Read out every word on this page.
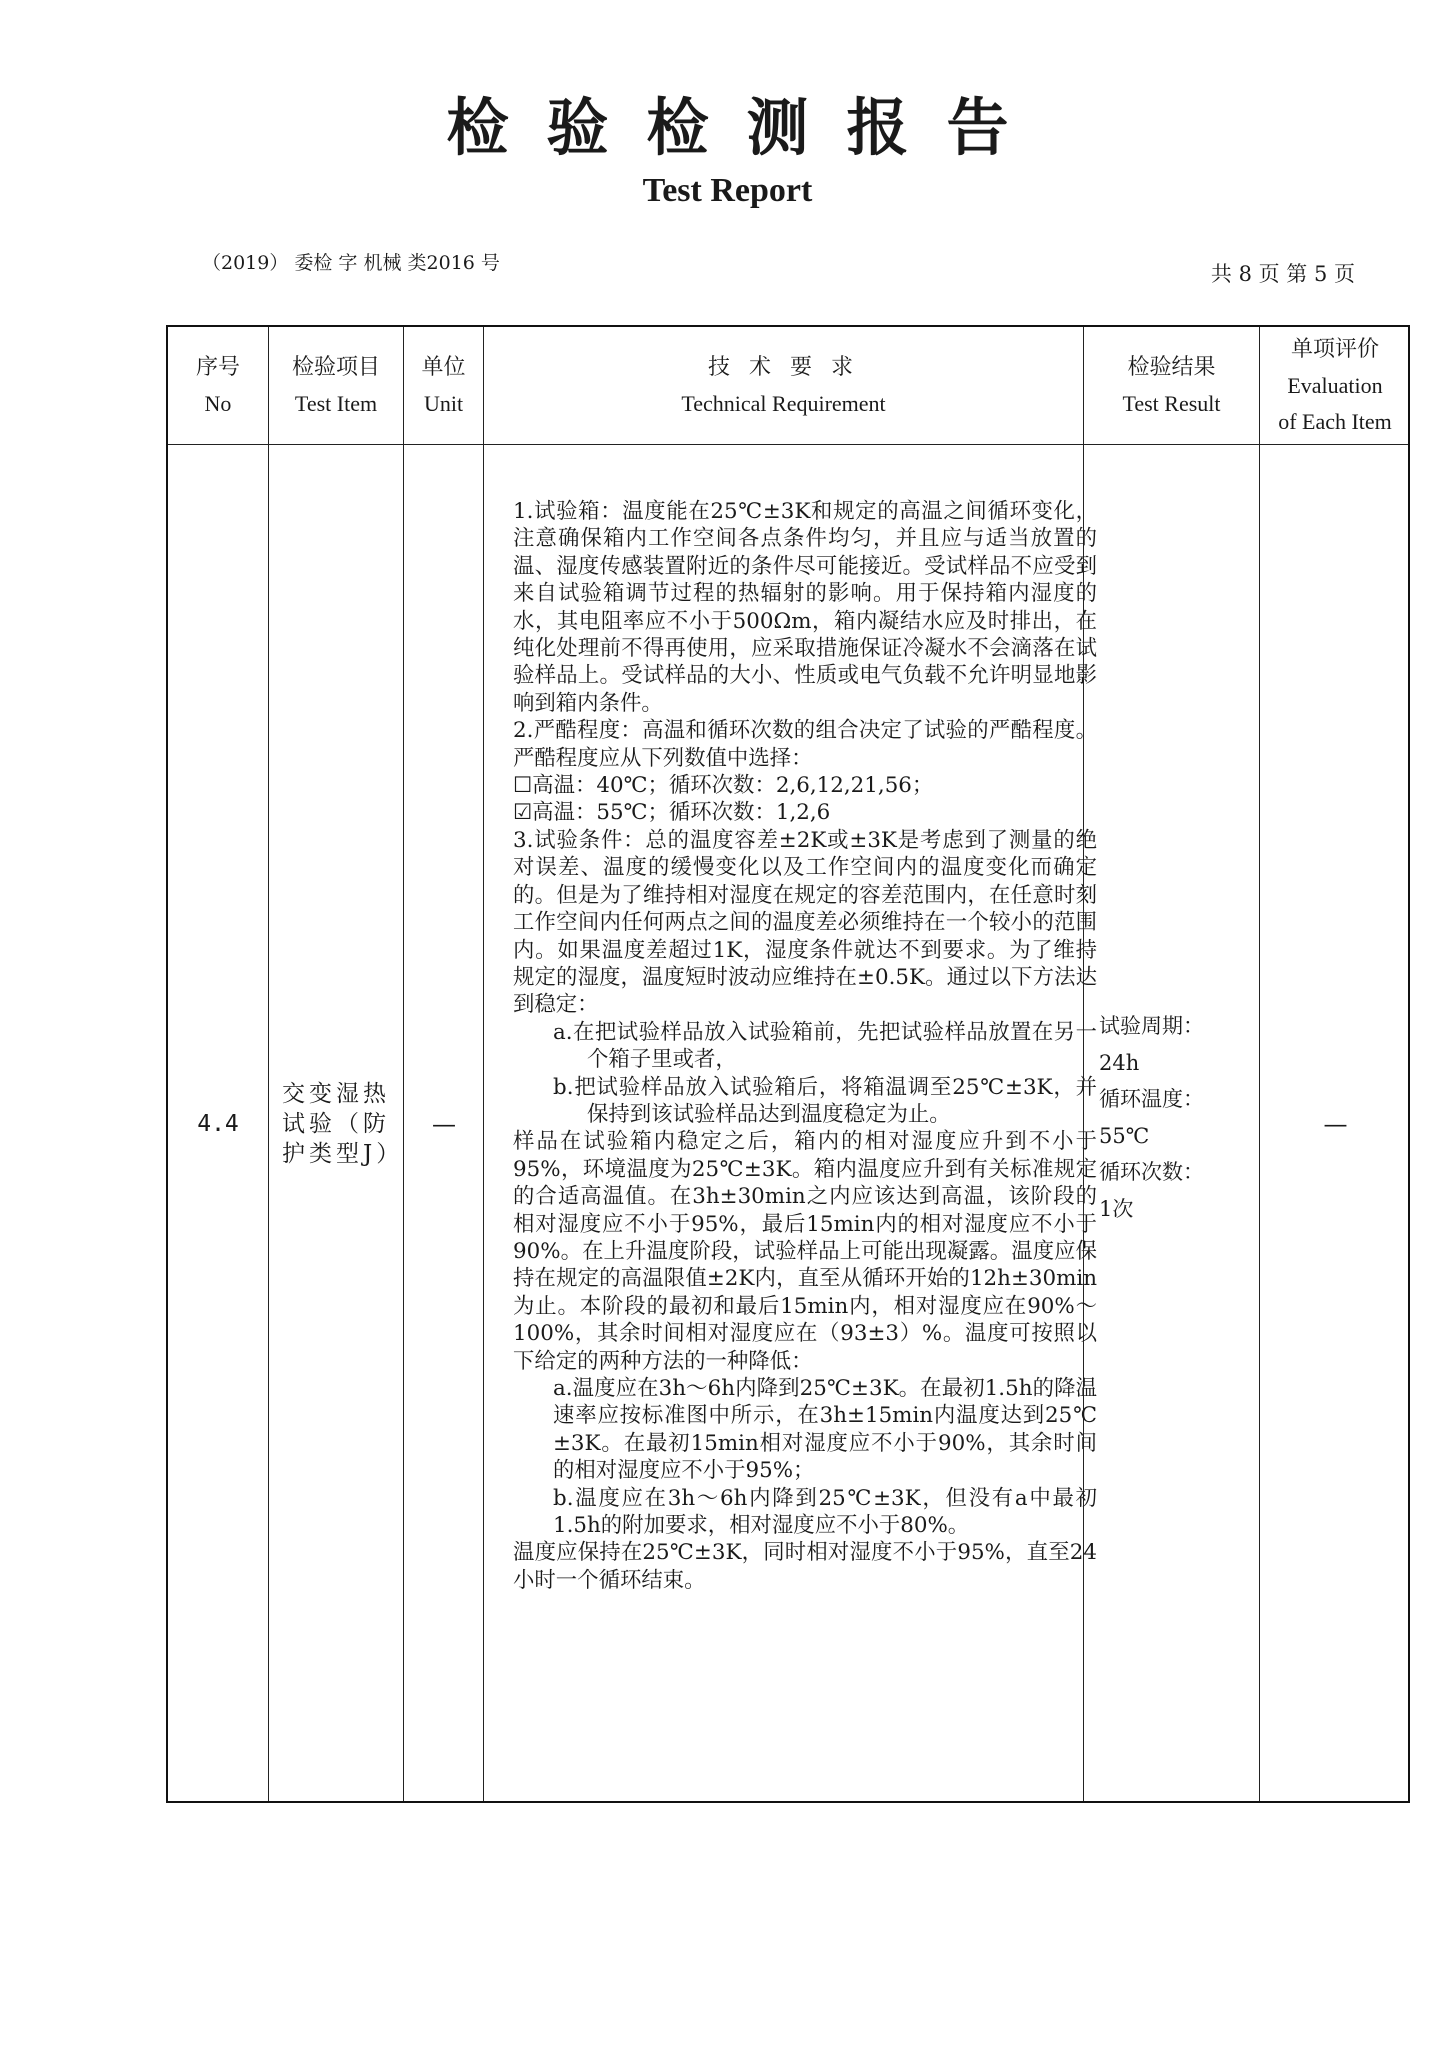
检验检测报告
Test Report
（2019） 委检 字 机械 类2016 号	共 8 页 第 5 页
序号
No
检验项目
Test Item
单位
Unit
技 术 要 求
Technical Requirement
检验结果
Test Result
单项评价
Evaluation
of Each Item
4.4
交变湿热试验（防护类型J）
—

1.试验箱：温度能在25℃±3K和规定的高温之间循环变化，注意确保箱内工作空间各点条件均匀，并且应与适当放置的温、湿度传感装置附近的条件尽可能接近。受试样品不应受到来自试验箱调节过程的热辐射的影响。用于保持箱内湿度的水，其电阻率应不小于500Ωm，箱内凝结水应及时排出，在纯化处理前不得再使用，应采取措施保证冷凝水不会滴落在试验样品上。受试样品的大小、性质或电气负载不允许明显地影响到箱内条件。

2.严酷程度：高温和循环次数的组合决定了试验的严酷程度。严酷程度应从下列数值中选择：

☐高温：40℃；循环次数：2,6,12,21,56；

☑高温：55℃；循环次数：1,2,6

3.试验条件：总的温度容差±2K或±3K是考虑到了测量的绝对误差、温度的缓慢变化以及工作空间内的温度变化而确定的。但是为了维持相对湿度在规定的容差范围内，在任意时刻工作空间内任何两点之间的温度差必须维持在一个较小的范围内。如果温度差超过1K，湿度条件就达不到要求。为了维持规定的湿度，温度短时波动应维持在±0.5K。通过以下方法达到稳定：

a.在把试验样品放入试验箱前，先把试验样品放置在另一个箱子里或者，

b.把试验样品放入试验箱后，将箱温调至25℃±3K，并保持到该试验样品达到温度稳定为止。

样品在试验箱内稳定之后，箱内的相对湿度应升到不小于95%，环境温度为25℃±3K。箱内温度应升到有关标准规定的合适高温值。在3h±30min之内应该达到高温，该阶段的相对湿度应不小于95%，最后15min内的相对湿度应不小于90%。在上升温度阶段，试验样品上可能出现凝露。温度应保持在规定的高温限值±2K内，直至从循环开始的12h±30min为止。本阶段的最初和最后15min内，相对湿度应在90%～100%，其余时间相对湿度应在（93±3）%。温度可按照以下给定的两种方法的一种降低：

a.温度应在3h～6h内降到25℃±3K。在最初1.5h的降温速率应按标准图中所示，在3h±15min内温度达到25℃±3K。在最初15min相对湿度应不小于90%，其余时间的相对湿度应不小于95%；

b.温度应在3h～6h内降到25℃±3K，但没有a中最初1.5h的附加要求，相对湿度应不小于80%。

温度应保持在25℃±3K，同时相对湿度不小于95%，直至24小时一个循环结束。

试验周期：
24h
循环温度：
55℃
循环次数：
1次
—
